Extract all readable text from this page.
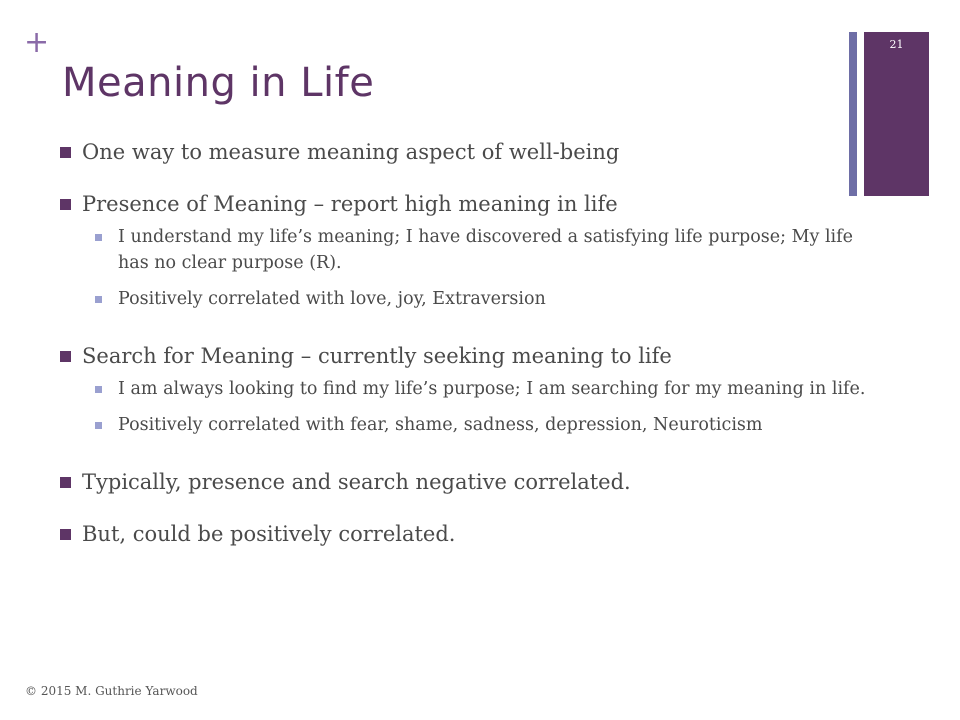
+	21
Meaning in Life
One way to measure meaning aspect of well-being
Presence of Meaning – report high meaning in life
I understand my life’s meaning; I have discovered a satisfying life purpose; My life has no clear purpose (R).
Positively correlated with love, joy, Extraversion
Search for Meaning – currently seeking meaning to life
I am always looking to find my life’s purpose; I am searching for my meaning in life.
Positively correlated with fear, shame, sadness, depression, Neuroticism
Typically, presence and search negative correlated.
But, could be positively correlated.
© 2015 M. Guthrie Yarwood
